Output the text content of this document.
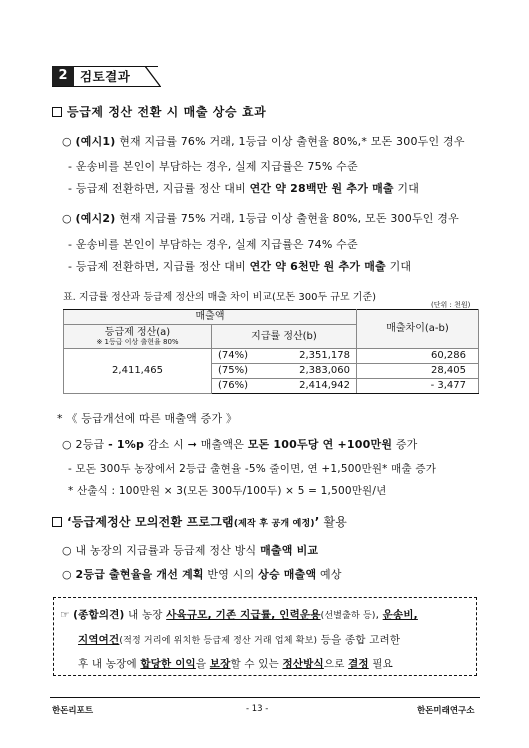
2 검토결과
등급제 정산 전환 시 매출 상승 효과
○ (예시1) 현재 지급률 76% 거래, 1등급 이상 출현율 80%,* 모돈 300두인 경우
- 운송비를 본인이 부담하는 경우, 실제 지급률은 75% 수준
- 등급제 전환하면, 지급률 정산 대비 연간 약 28백만 원 추가 매출 기대
○ (예시2) 현재 지급률 75% 거래, 1등급 이상 출현율 80%, 모돈 300두인 경우
- 운송비를 본인이 부담하는 경우, 실제 지급률은 74% 수준
- 등급제 전환하면, 지급률 정산 대비 연간 약 6천만 원 추가 매출 기대
표. 지급률 정산과 등급제 정산의 매출 차이 비교(모돈 300두 규모 기준)
(단위 : 천원)
매출액		매출차이(a-b)
등급제 정산(a)
※ 1등급 이상 출현율 80%	지급률 정산(b)	
2,411,465	(74%) 2,351,178	60,286

	(75%) 2,383,060	28,405

	(76%) 2,414,942	- 3,477
* 《 등급개선에 따른 매출액 증가 》
○ 2등급 - 1%p 감소 시 ➞ 매출액은 모돈 100두당 연 +100만원 증가
- 모돈 300두 농장에서 2등급 출현율 -5% 줄이면, 연 +1,500만원* 매출 증가
* 산출식 : 100만원 × 3(모돈 300두/100두) × 5 = 1,500만원/년
‘등급제정산 모의전환 프로그램(제작 후 공개 예정)’ 활용
○ 내 농장의 지급률과 등급제 정산 방식 매출액 비교
○ 2등급 출현율을 개선 계획 반영 시의 상승 매출액 예상
☞ (종합의견) 내 농장 사육규모, 기존 지급률, 인력운용(선별출하 등), 운송비,
지역여건(적정 거리에 위치한 등급제 정산 거래 업체 확보) 등을 종합 고려한
후 내 농장에 합당한 이익을 보장할 수 있는 정산방식으로 결정 필요
한돈리포트	- 13 -	한돈미래연구소
